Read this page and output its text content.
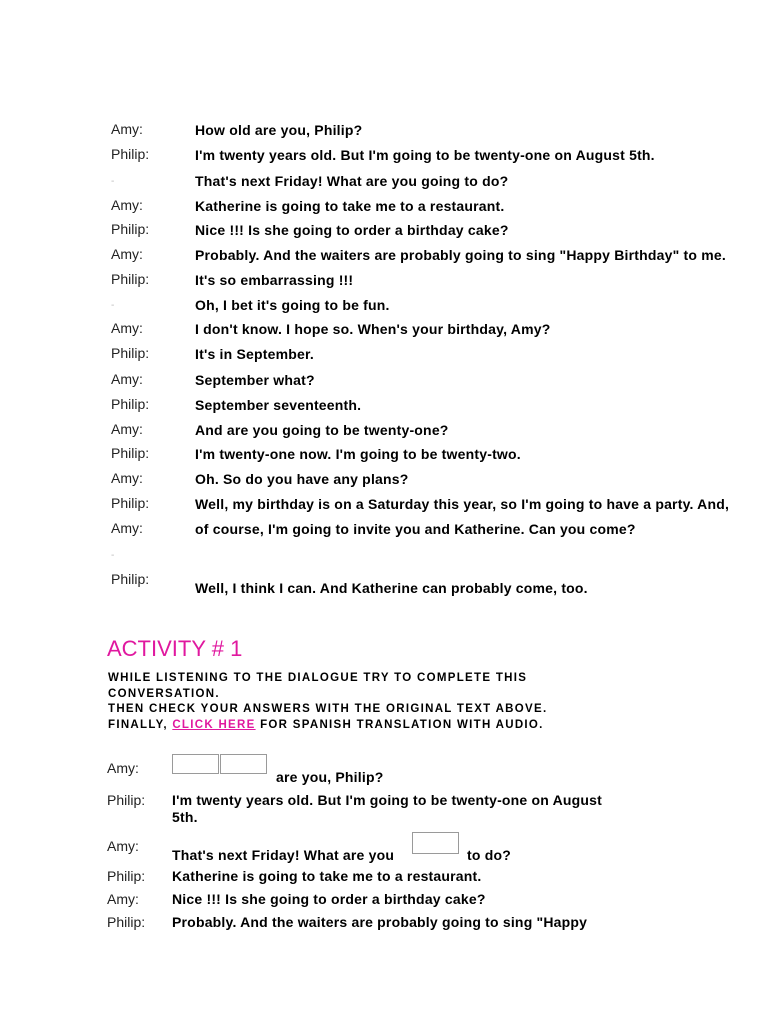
Amy:	How old are you, Philip?
Philip:	I'm twenty years old. But I'm going to be twenty-one on August 5th.
-	That's next Friday! What are you going to do?
Amy:	Katherine is going to take me to a restaurant.
Philip:	Nice !!! Is she going to order a birthday cake?
Amy:	Probably. And the waiters are probably going to sing "Happy Birthday" to me.
Philip:	It's so embarrassing !!!
-	Oh, I bet it's going to be fun.
Amy:	I don't know. I hope so. When's your birthday, Amy?
Philip:	It's in September.
Amy:	September what?
Philip:	September seventeenth.
Amy:	And are you going to be twenty-one?
Philip:	I'm twenty-one now. I'm going to be twenty-two.
Amy:	Oh. So do you have any plans?
Philip:	Well, my birthday is on a Saturday this year, so I'm going to have a party. And,
Amy:	of course, I'm going to invite you and Katherine. Can you come?
-
Philip:
Well, I think I can. And Katherine can probably come, too.
ACTIVITY # 1
WHILE LISTENING TO THE DIALOGUE TRY TO COMPLETE THIS
CONVERSATION.
THEN CHECK YOUR ANSWERS WITH THE ORIGINAL TEXT ABOVE.
FINALLY, CLICK HERE FOR SPANISH TRANSLATION WITH AUDIO.
Amy:
are you, Philip?
Philip: I'm twenty years old. But I'm going to be twenty-one on August 5th.
Amy:
That's next Friday! What are you	to do?
Philip: Katherine is going to take me to a restaurant.
Amy: Nice !!! Is she going to order a birthday cake?
Philip: Probably. And the waiters are probably going to sing "Happy
